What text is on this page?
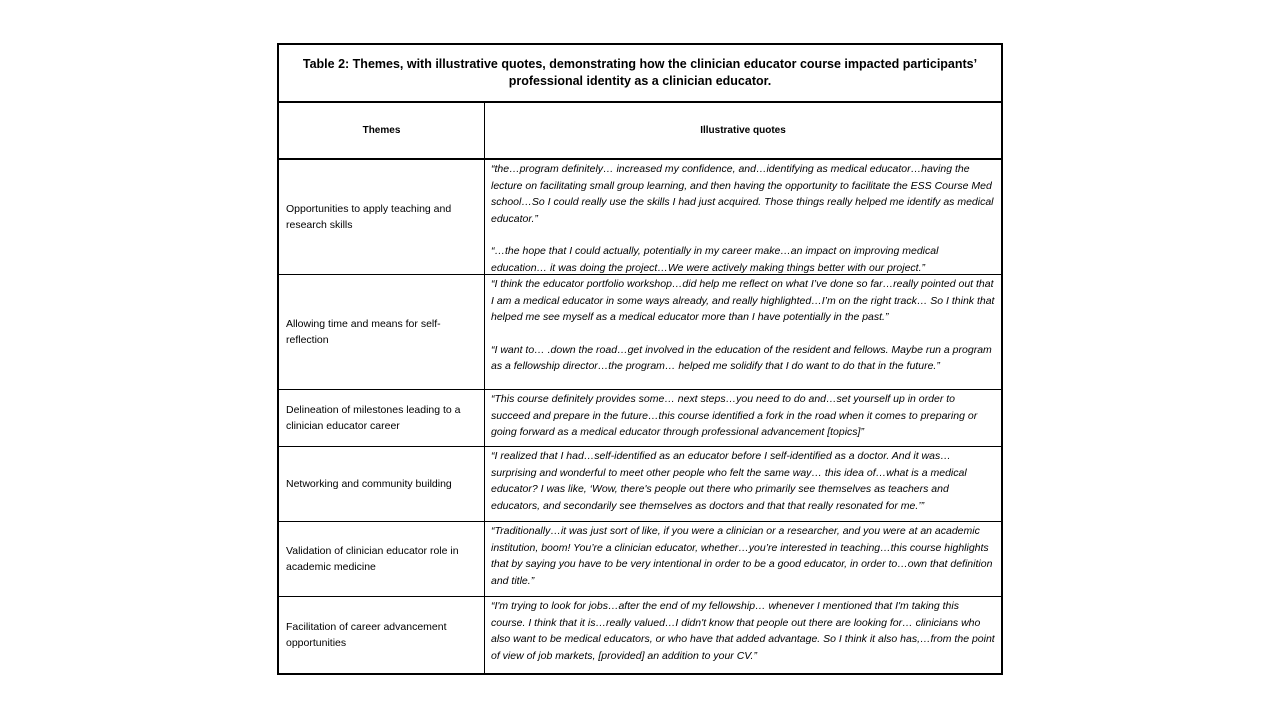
Table 2: Themes, with illustrative quotes, demonstrating how the clinician educator course impacted participants’ professional identity as a clinician educator.
Themes	Illustrative quotes
Opportunities to apply teaching and research skills

“the…program definitely… increased my confidence, and…identifying as medical educator…having the lecture on facilitating small group learning, and then having the opportunity to facilitate the ESS Course Med school…So I could really use the skills I had just acquired. Those things really helped me identify as medical educator.”

“…the hope that I could actually, potentially in my career make…an impact on improving medical education… it was doing the project…We were actively making things better with our project.”

Allowing time and means for self-reflection

“I think the educator portfolio workshop…did help me reflect on what I’ve done so far…really pointed out that I am a medical educator in some ways already, and really highlighted…I’m on the right track… So I think that helped me see myself as a medical educator more than I have potentially in the past.”

“I want to… .down the road…get involved in the education of the resident and fellows. Maybe run a program as a fellowship director…the program… helped me solidify that I do want to do that in the future.”

Delineation of milestones leading to a clinician educator career

“This course definitely provides some… next steps…you need to do and…set yourself up in order to succeed and prepare in the future…this course identified a fork in the road when it comes to preparing or going forward as a medical educator through professional advancement [topics]”

Networking and community building

“I realized that I had…self-identified as an educator before I self-identified as a doctor. And it was…surprising and wonderful to meet other people who felt the same way… this idea of…what is a medical educator? I was like, ‘Wow, there's people out there who primarily see themselves as teachers and educators, and secondarily see themselves as doctors and that that really resonated for me.’”

Validation of clinician educator role in academic medicine

“Traditionally…it was just sort of like, if you were a clinician or a researcher, and you were at an academic institution, boom! You’re a clinician educator, whether…you’re interested in teaching…this course highlights that by saying you have to be very intentional in order to be a good educator, in order to…own that definition and title.”

Facilitation of career advancement opportunities

“I'm trying to look for jobs…after the end of my fellowship… whenever I mentioned that I'm taking this course. I think that it is…really valued…I didn't know that people out there are looking for… clinicians who also want to be medical educators, or who have that added advantage. So I think it also has,…from the point of view of job markets, [provided] an addition to your CV.”
